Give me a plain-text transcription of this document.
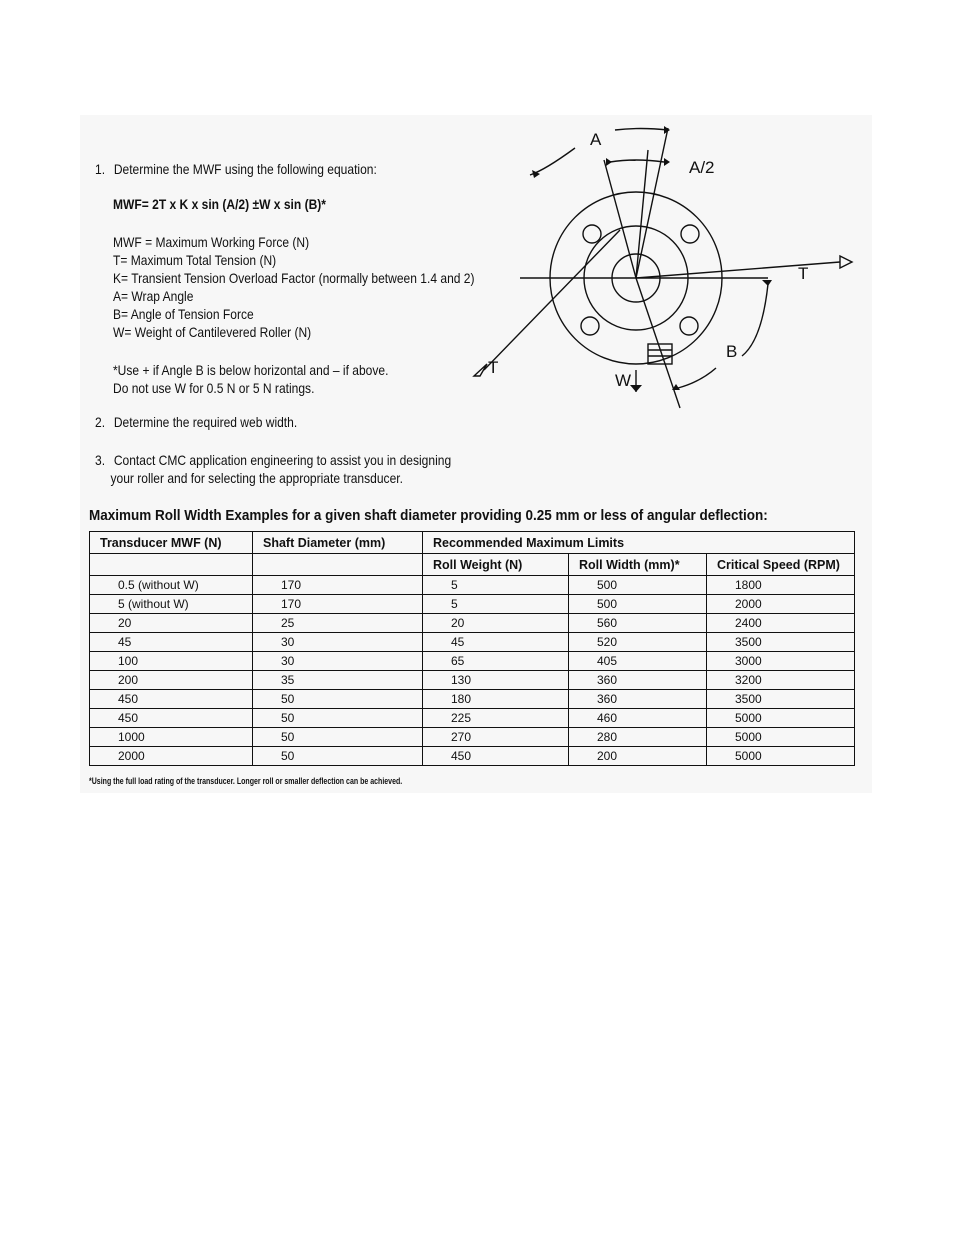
1. Determine the MWF using the following equation:
MWF= 2T x K x sin (A/2) ±W x sin (B)*
MWF = Maximum Working Force (N)
T= Maximum Total Tension (N)
K= Transient Tension Overload Factor (normally between 1.4 and 2)
A= Wrap Angle
B= Angle of Tension Force
W= Weight of Cantilevered Roller (N)
*Use + if Angle B is below horizontal and – if above.
Do not use W for 0.5 N or 5 N ratings.
2. Determine the required web width.
3. Contact CMC application engineering to assist you in designing
your roller and for selecting the appropriate transducer.
A
A/2
T
T
B
W
Maximum Roll Width Examples for a given shaft diameter providing 0.25 mm or less of angular deflection:
Transducer MWF (N)	Shaft Diameter (mm)	Recommended Maximum Limits		
		Roll Weight (N)	Roll Width (mm)*	Critical Speed (RPM)
0.5 (without W)	170	5	500	1800
5 (without W)	170	5	500	2000
20	25	20	560	2400
45	30	45	520	3500
100	30	65	405	3000
200	35	130	360	3200
450	50	180	360	3500
450	50	225	460	5000
1000	50	270	280	5000
2000	50	450	200	5000
*Using the full load rating of the transducer. Longer roll or smaller deflection can be achieved.
